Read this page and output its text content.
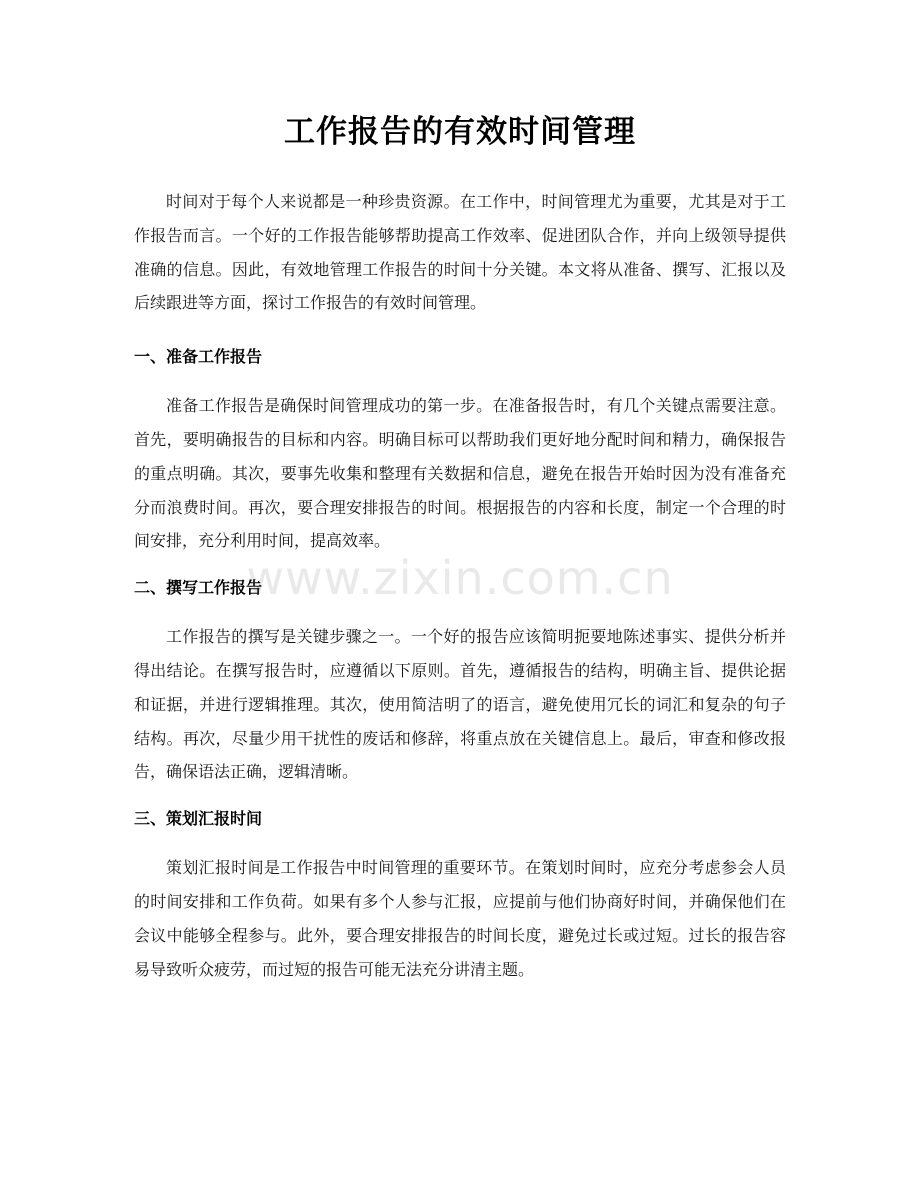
工作报告的有效时间管理

时间对于每个人来说都是一种珍贵资源。在工作中，时间管理尤为重要，尤其是对于工作报告而言。一个好的工作报告能够帮助提高工作效率、促进团队合作，并向上级领导提供准确的信息。因此，有效地管理工作报告的时间十分关键。本文将从准备、撰写、汇报以及后续跟进等方面，探讨工作报告的有效时间管理。

一、准备工作报告

准备工作报告是确保时间管理成功的第一步。在准备报告时，有几个关键点需要注意。首先，要明确报告的目标和内容。明确目标可以帮助我们更好地分配时间和精力，确保报告的重点明确。其次，要事先收集和整理有关数据和信息，避免在报告开始时因为没有准备充分而浪费时间。再次，要合理安排报告的时间。根据报告的内容和长度，制定一个合理的时间安排，充分利用时间，提高效率。

二、撰写工作报告

工作报告的撰写是关键步骤之一。一个好的报告应该简明扼要地陈述事实、提供分析并得出结论。在撰写报告时，应遵循以下原则。首先，遵循报告的结构，明确主旨、提供论据和证据，并进行逻辑推理。其次，使用简洁明了的语言，避免使用冗长的词汇和复杂的句子结构。再次，尽量少用干扰性的废话和修辞，将重点放在关键信息上。最后，审查和修改报告，确保语法正确，逻辑清晰。

三、策划汇报时间

策划汇报时间是工作报告中时间管理的重要环节。在策划时间时，应充分考虑参会人员的时间安排和工作负荷。如果有多个人参与汇报，应提前与他们协商好时间，并确保他们在会议中能够全程参与。此外，要合理安排报告的时间长度，避免过长或过短。过长的报告容易导致听众疲劳，而过短的报告可能无法充分讲清主题。

www.zixin.com.cn
